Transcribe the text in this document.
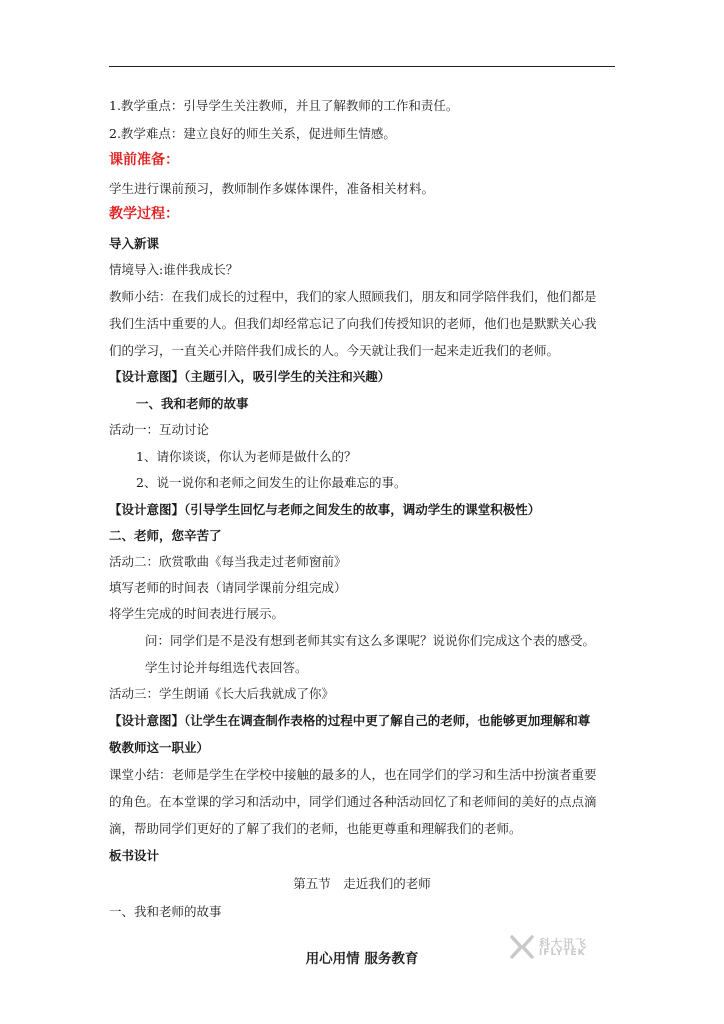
1.教学重点：引导学生关注教师，并且了解教师的工作和责任。
2.教学难点：建立良好的师生关系，促进师生情感。
课前准备：
学生进行课前预习，教师制作多媒体课件，准备相关材料。
教学过程：
导入新课
情境导入:谁伴我成长？
教师小结：在我们成长的过程中，我们的家人照顾我们，朋友和同学陪伴我们，他们都是
我们生活中重要的人。但我们却经常忘记了向我们传授知识的老师，他们也是默默关心我
们的学习，一直关心并陪伴我们成长的人。今天就让我们一起来走近我们的老师。
【设计意图】（主题引入，吸引学生的关注和兴趣）
一、我和老师的故事
活动一：互动讨论
1、请你谈谈，你认为老师是做什么的？
2、说一说你和老师之间发生的让你最难忘的事。
【设计意图】（引导学生回忆与老师之间发生的故事，调动学生的课堂积极性）
二、老师，您辛苦了
活动二：欣赏歌曲《每当我走过老师窗前》
填写老师的时间表（请同学课前分组完成）
将学生完成的时间表进行展示。
问：同学们是不是没有想到老师其实有这么多课呢？说说你们完成这个表的感受。
学生讨论并每组选代表回答。
活动三：学生朗诵《长大后我就成了你》
【设计意图】（让学生在调查制作表格的过程中更了解自己的老师，也能够更加理解和尊
敬教师这一职业）
课堂小结：老师是学生在学校中接触的最多的人，也在同学们的学习和生活中扮演者重要
的角色。在本堂课的学习和活动中，同学们通过各种活动回忆了和老师间的美好的点点滴
滴，帮助同学们更好的了解了我们的老师，也能更尊重和理解我们的老师。
板书设计
第五节　走近我们的老师
一、我和老师的故事
用心用情 服务教育
科大讯飞
IFLYTEK
